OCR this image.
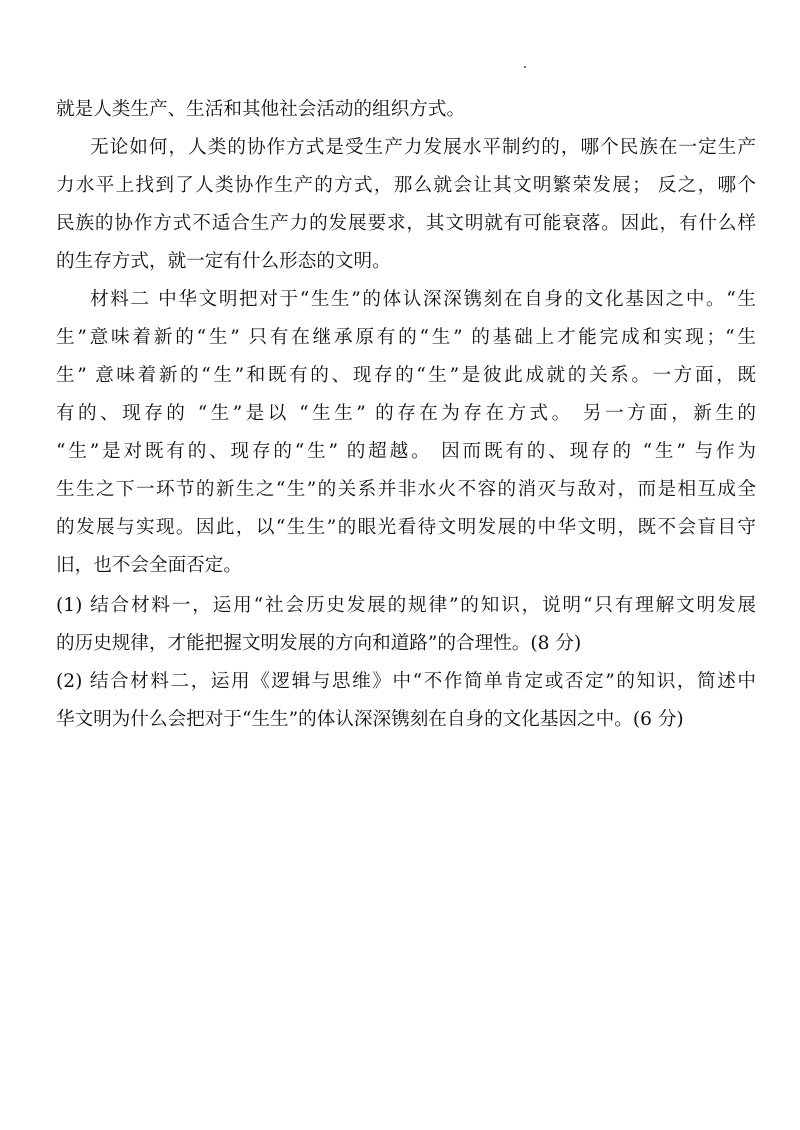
就是人类生产、生活和其他社会活动的组织方式。
无论如何，人类的协作方式是受生产力发展水平制约的，哪个民族在一定生产
力水平上找到了人类协作生产的方式，那么就会让其文明繁荣发展； 反之，哪个
民族的协作方式不适合生产力的发展要求，其文明就有可能衰落。因此，有什么样
的生存方式，就一定有什么形态的文明。
材料二 中华文明把对于“生生”的体认深深镌刻在自身的文化基因之中。“生
生”意味着新的“生” 只有在继承原有的“生” 的基础上才能完成和实现；“生
生” 意味着新的“生”和既有的、现存的“生”是彼此成就的关系。一方面，既
有的、现存的 “生”是以 “生生” 的存在为存在方式。 另一方面，新生的
“生”是对既有的、现存的“生” 的超越。 因而既有的、现存的 “生” 与作为
生生之下一环节的新生之“生”的关系并非水火不容的消灭与敌对，而是相互成全
的发展与实现。因此，以“生生”的眼光看待文明发展的中华文明，既不会盲目守
旧，也不会全面否定。
(1) 结合材料一，运用“社会历史发展的规律”的知识，说明“只有理解文明发展
的历史规律，才能把握文明发展的方向和道路”的合理性。(8 分)
(2) 结合材料二，运用《逻辑与思维》中“不作简单肯定或否定”的知识，简述中
华文明为什么会把对于“生生”的体认深深镌刻在自身的文化基因之中。(6 分)
